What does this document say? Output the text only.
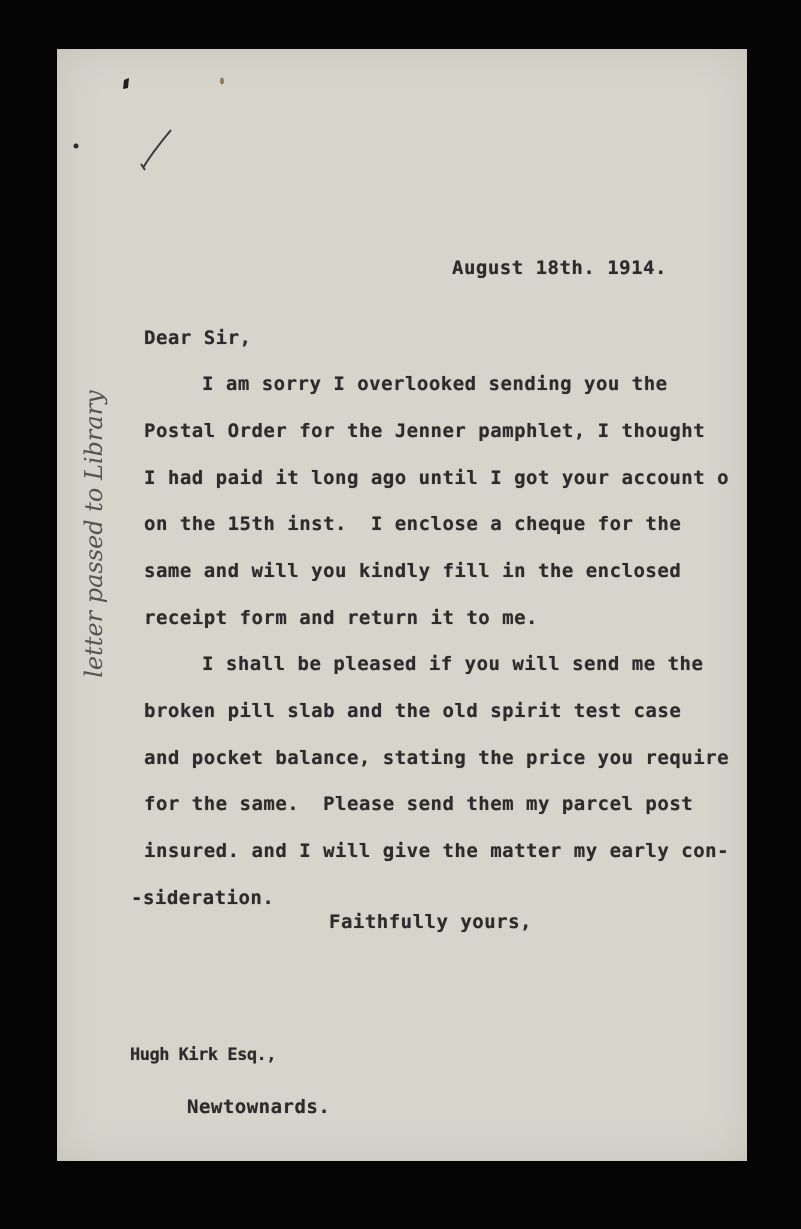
letter passed to Library
August 18th. 1914.
Dear Sir,
I am sorry I overlooked sending you the
Postal Order for the Jenner pamphlet, I thought
I had paid it long ago until I got your account o
on the 15th inst.  I enclose a cheque for the
same and will you kindly fill in the enclosed
receipt form and return it to me.
I shall be pleased if you will send me the
broken pill slab and the old spirit test case
and pocket balance, stating the price you require
for the same.  Please send them my parcel post
insured. and I will give the matter my early con-
-sideration.
Faithfully yours,
Hugh Kirk Esq.,
Newtownards.
